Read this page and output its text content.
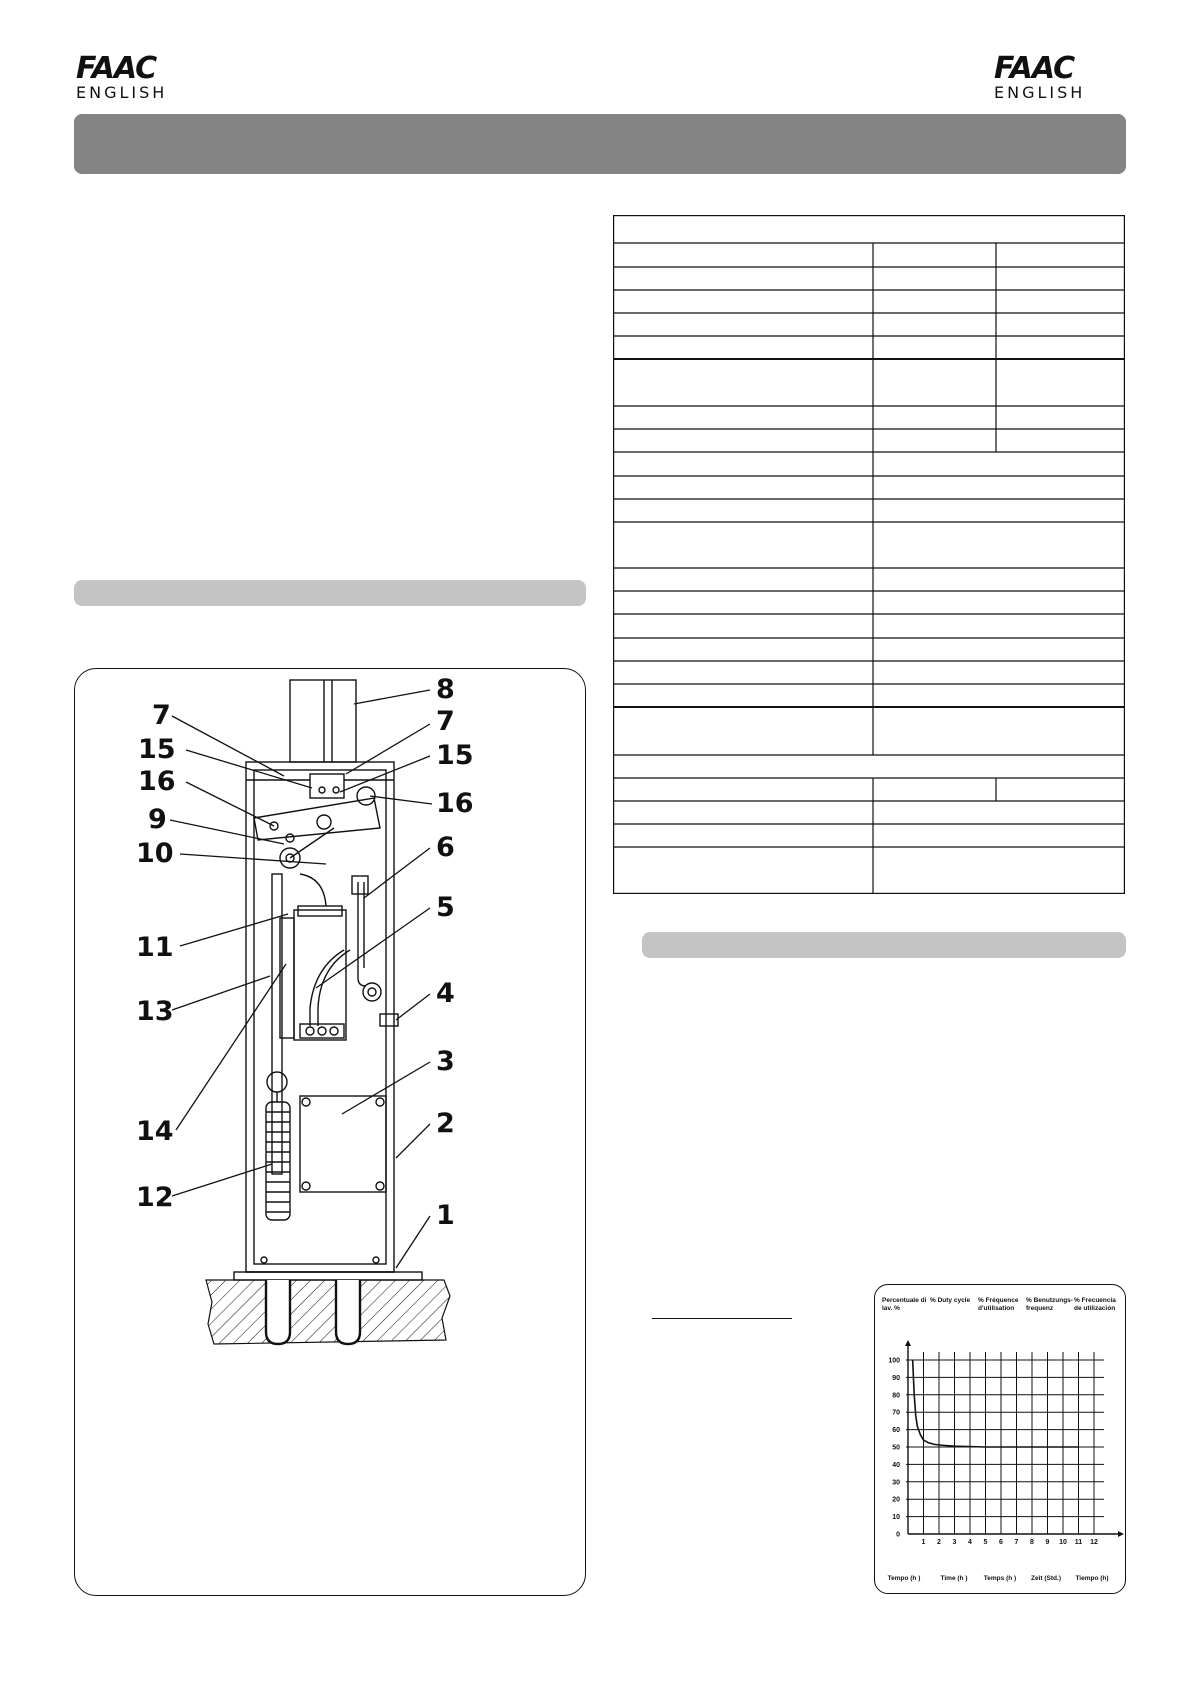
FAAC
ENGLISH
FAAC
ENGLISH
8
7	7
15	15
16
16
9
10	6
5
11
13
4
3
14	2
12
1
Percentuale di lav. %
% Duty cycle % Fréquence d'utilisation
% Benutzungs-frequenz
% Frecuencia de utilización
0
10
20
30
40
50
60
70
80
90
100
1 2 3 4 5 6 7 8 9 10 11 12
Tempo (h )	Time (h )	Temps (h ) Zeit (Std.) Tiempo (h)
